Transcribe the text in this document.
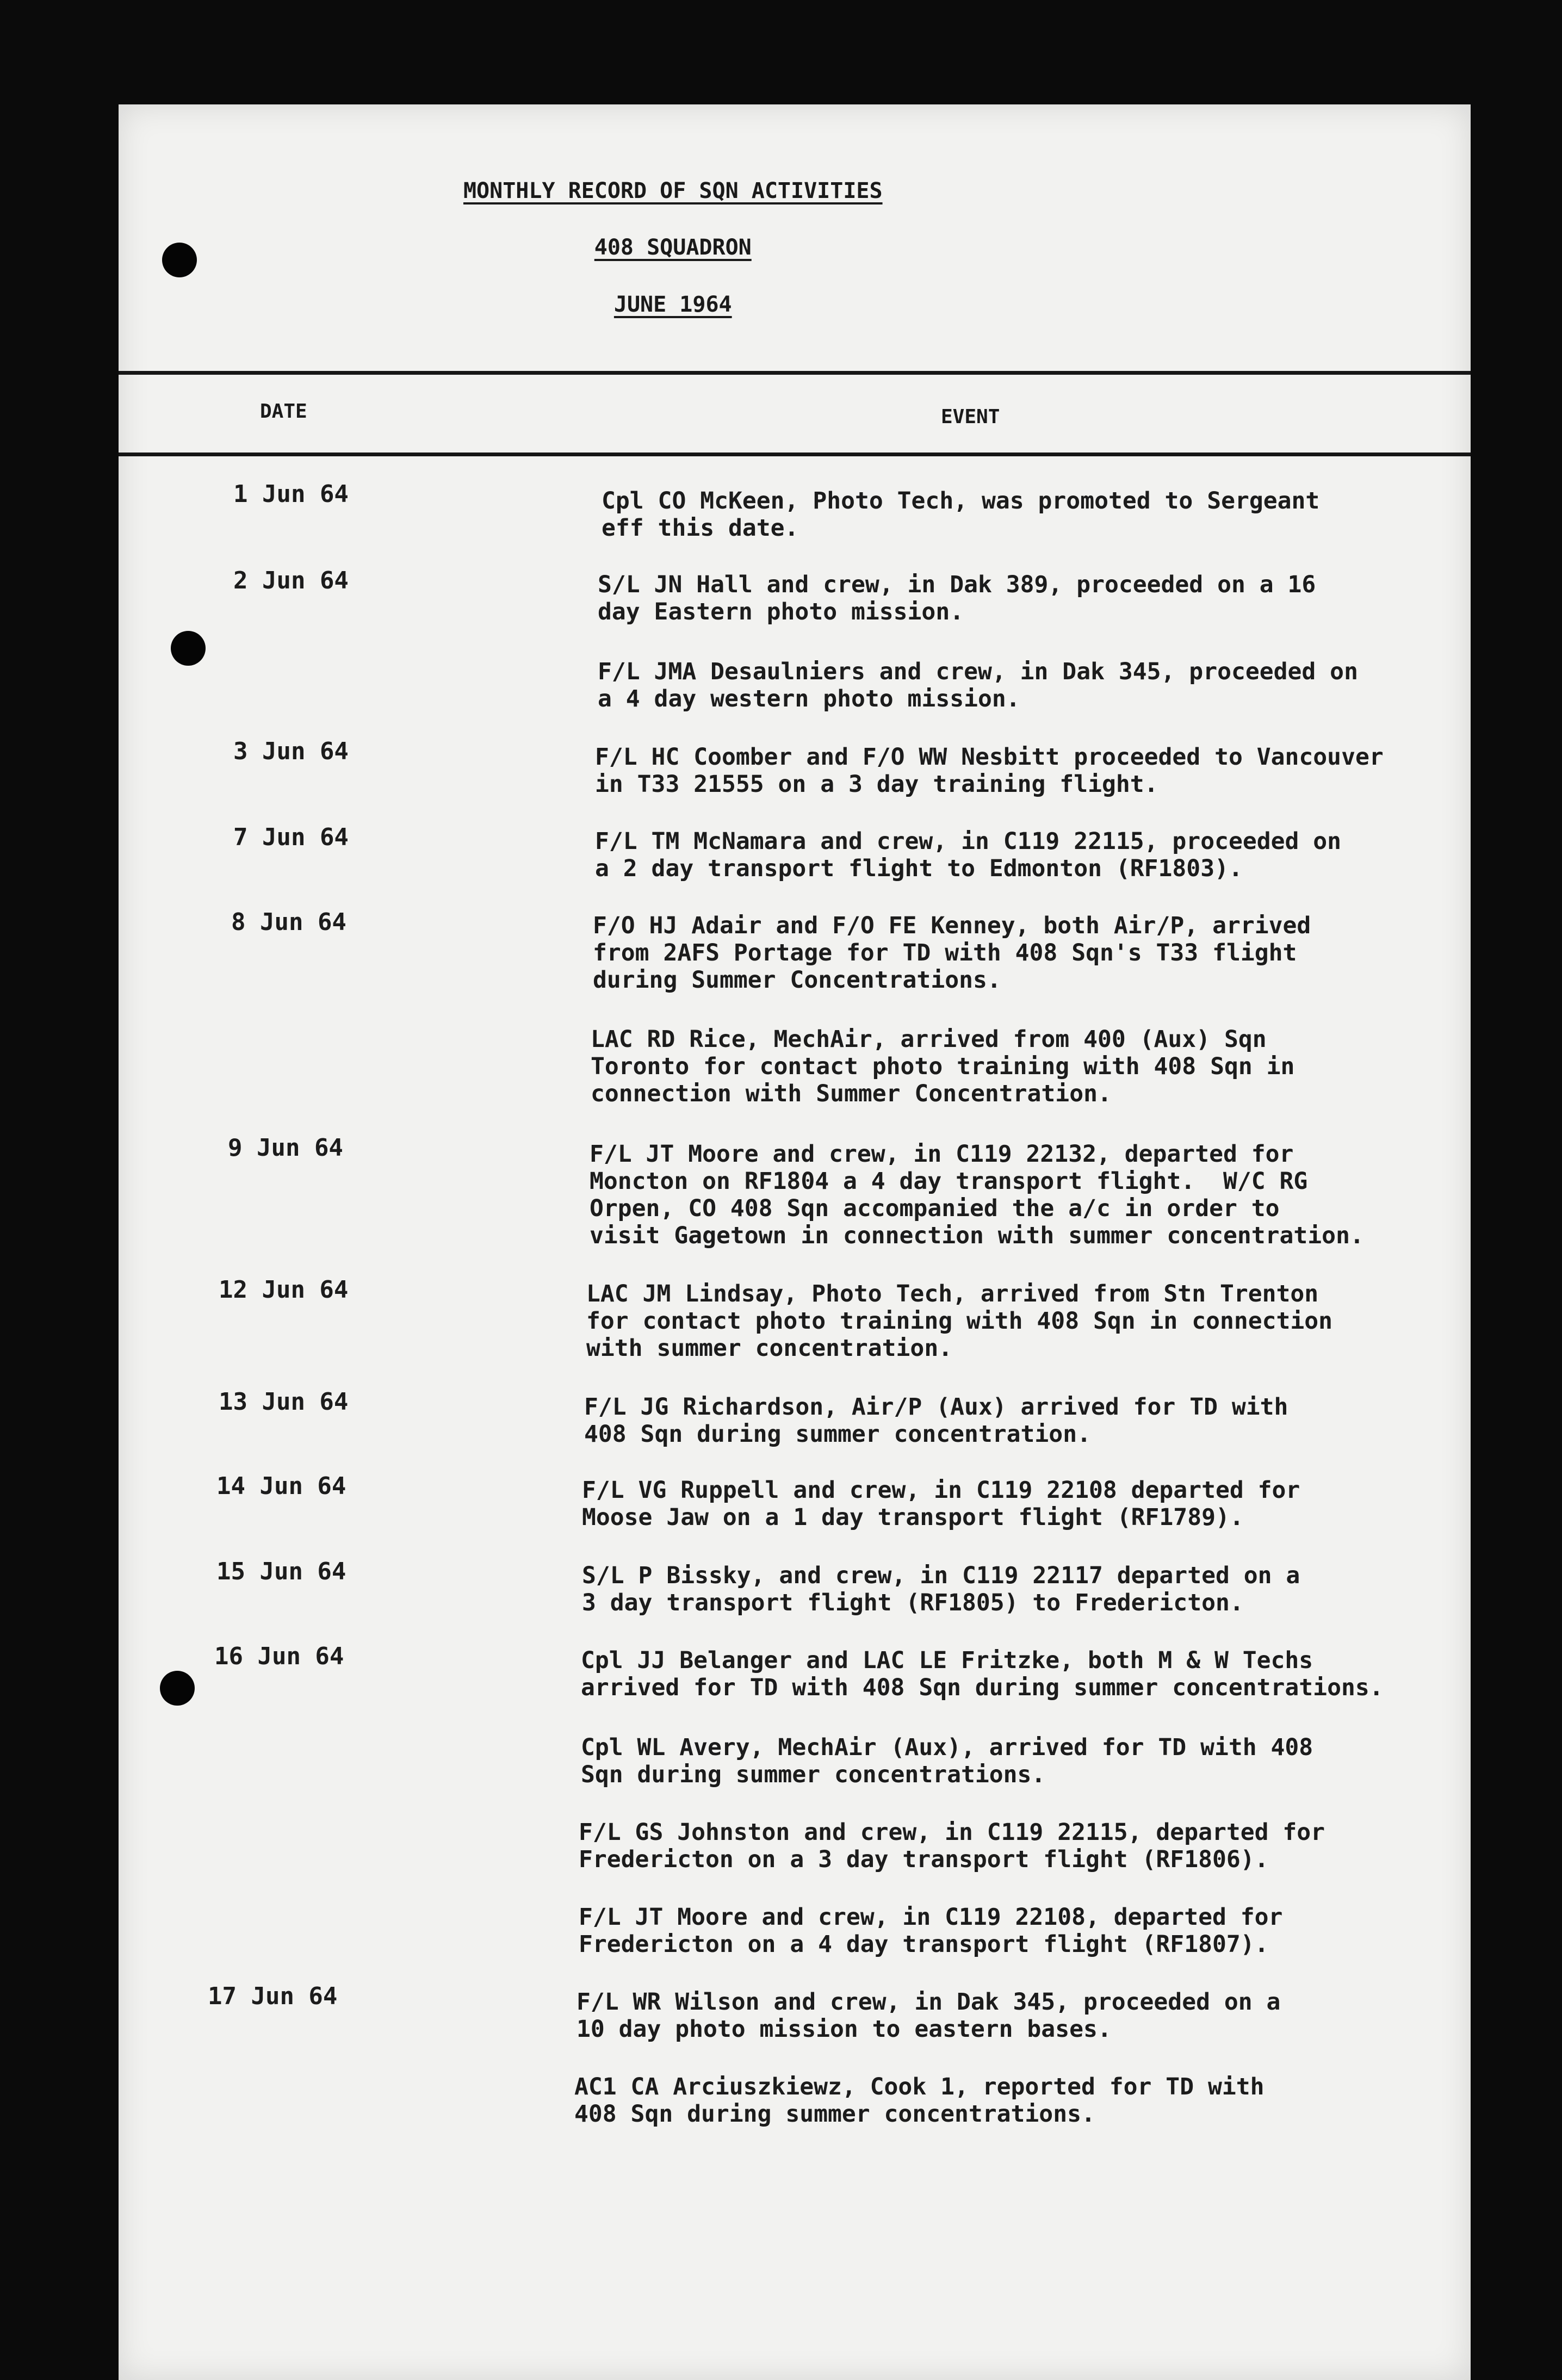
MONTHLY RECORD OF SQN ACTIVITIES
408 SQUADRON
JUNE 1964
DATE	EVENT
1 Jun 64	Cpl CO McKeen, Photo Tech, was promoted to Sergeant
eff this date.
2 Jun 64	S/L JN Hall and crew, in Dak 389, proceeded on a 16
day Eastern photo mission.
F/L JMA Desaulniers and crew, in Dak 345, proceeded on
a 4 day western photo mission.
3 Jun 64	F/L HC Coomber and F/O WW Nesbitt proceeded to Vancouver
in T33 21555 on a 3 day training flight.
7 Jun 64	F/L TM McNamara and crew, in C119 22115, proceeded on
a 2 day transport flight to Edmonton (RF1803).
8 Jun 64	F/O HJ Adair and F/O FE Kenney, both Air/P, arrived
from 2AFS Portage for TD with 408 Sqn's T33 flight
during Summer Concentrations.
LAC RD Rice, MechAir, arrived from 400 (Aux) Sqn
Toronto for contact photo training with 408 Sqn in
connection with Summer Concentration.
9 Jun 64	F/L JT Moore and crew, in C119 22132, departed for
Moncton on RF1804 a 4 day transport flight.  W/C RG
Orpen, CO 408 Sqn accompanied the a/c in order to
visit Gagetown in connection with summer concentration.
12 Jun 64	LAC JM Lindsay, Photo Tech, arrived from Stn Trenton
for contact photo training with 408 Sqn in connection
with summer concentration.
13 Jun 64	F/L JG Richardson, Air/P (Aux) arrived for TD with
408 Sqn during summer concentration.
14 Jun 64	F/L VG Ruppell and crew, in C119 22108 departed for
Moose Jaw on a 1 day transport flight (RF1789).
15 Jun 64	S/L P Bissky, and crew, in C119 22117 departed on a
3 day transport flight (RF1805) to Fredericton.
16 Jun 64	Cpl JJ Belanger and LAC LE Fritzke, both M & W Techs
arrived for TD with 408 Sqn during summer concentrations.
Cpl WL Avery, MechAir (Aux), arrived for TD with 408
Sqn during summer concentrations.
F/L GS Johnston and crew, in C119 22115, departed for
Fredericton on a 3 day transport flight (RF1806).
F/L JT Moore and crew, in C119 22108, departed for
Fredericton on a 4 day transport flight (RF1807).
17 Jun 64	F/L WR Wilson and crew, in Dak 345, proceeded on a
10 day photo mission to eastern bases.
AC1 CA Arciuszkiewz, Cook 1, reported for TD with
408 Sqn during summer concentrations.
